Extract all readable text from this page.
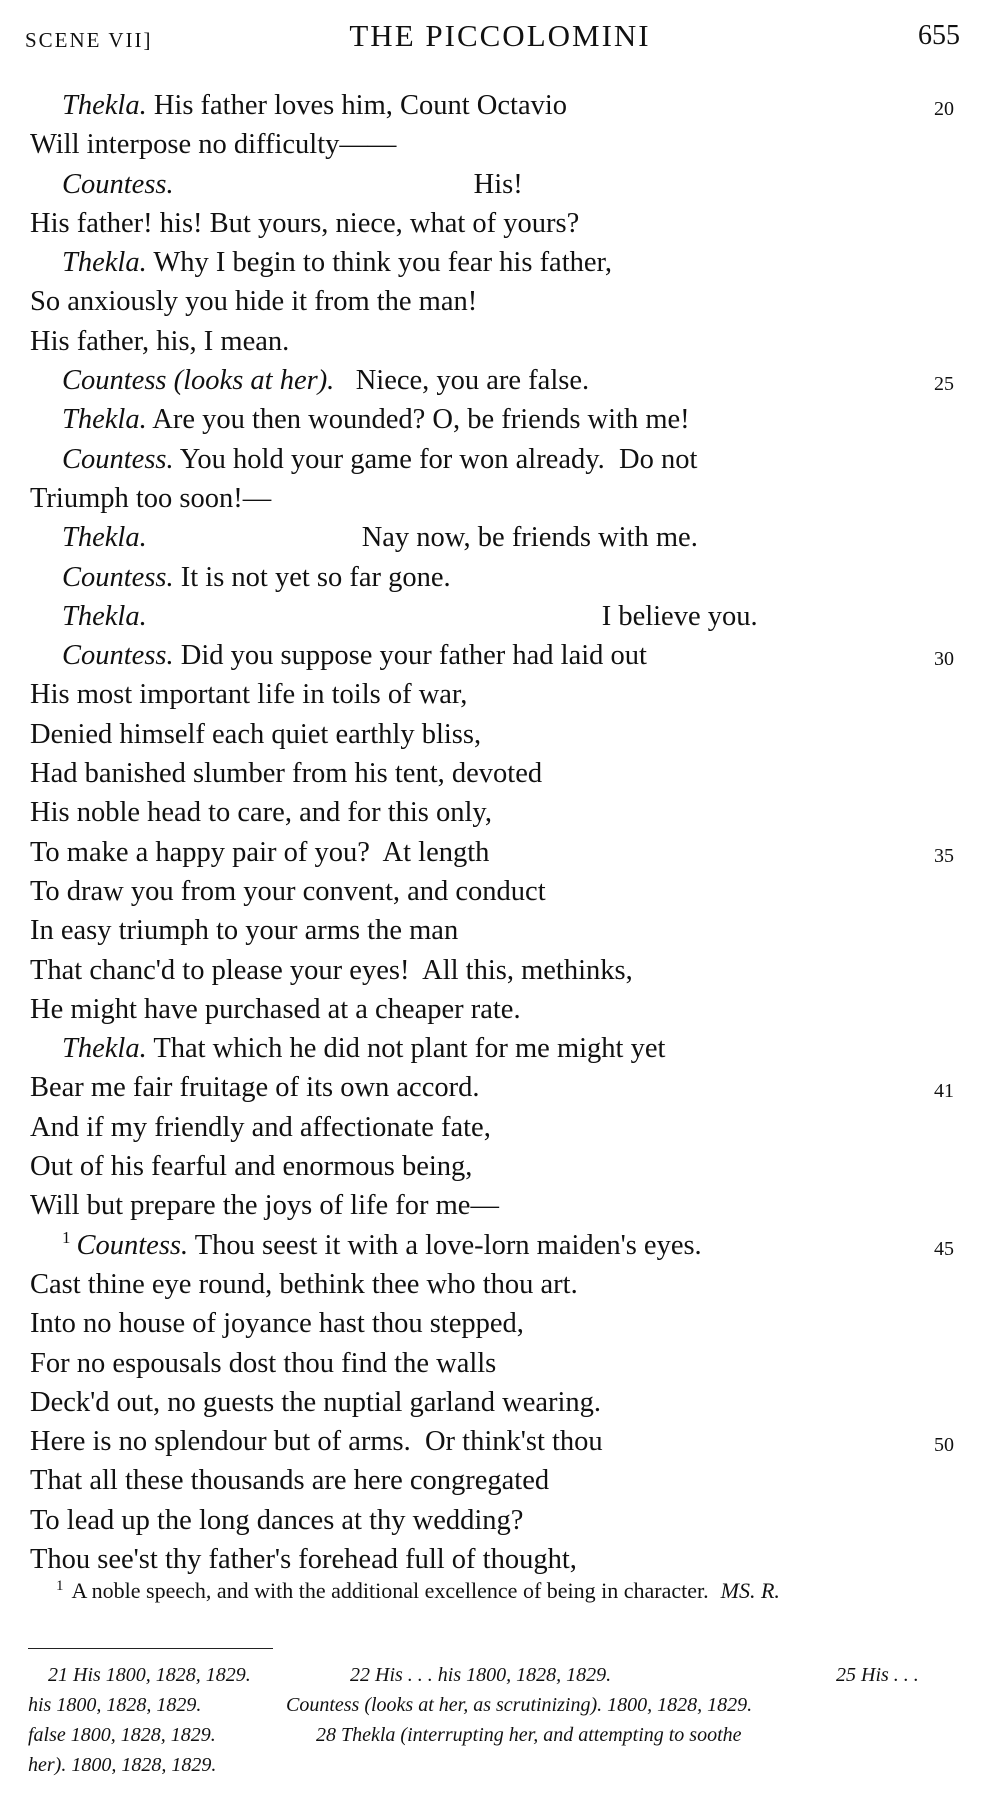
SCENE VII]	THE PICCOLOMINI	655
Thekla. His father loves him, Count Octavio	20
Will interpose no difficulty——
Countess.	His!
His father! his! But yours, niece, what of yours?
Thekla. Why I begin to think you fear his father,
So anxiously you hide it from the man!
His father, his, I mean.
Countess (looks at her).   Niece, you are false.	25
Thekla. Are you then wounded? O, be friends with me!
Countess. You hold your game for won already.  Do not
Triumph too soon!—
Thekla.	Nay now, be friends with me.
Countess. It is not yet so far gone.
Thekla.	I believe you.
Countess. Did you suppose your father had laid out	30
His most important life in toils of war,
Denied himself each quiet earthly bliss,
Had banished slumber from his tent, devoted
His noble head to care, and for this only,
To make a happy pair of you?  At length	35
To draw you from your convent, and conduct
In easy triumph to your arms the man
That chanc'd to please your eyes!  All this, methinks,
He might have purchased at a cheaper rate.
Thekla. That which he did not plant for me might yet
Bear me fair fruitage of its own accord.	41
And if my friendly and affectionate fate,
Out of his fearful and enormous being,
Will but prepare the joys of life for me—
$^1$ Countess. Thou seest it with a love-lorn maiden's eyes.	45
Cast thine eye round, bethink thee who thou art.
Into no house of joyance hast thou stepped,
For no espousals dost thou find the walls
Deck'd out, no guests the nuptial garland wearing.
Here is no splendour but of arms.  Or think'st thou	50
That all these thousands are here congregated
To lead up the long dances at thy wedding?
Thou see'st thy father's forehead full of thought,
$^1$ A noble speech, and with the additional excellence of being in character. MS. R.
21 His 1800, 1828, 1829.	22 His . . . his 1800, 1828, 1829.	25 His . . .
his 1800, 1828, 1829.	Countess (looks at her, as scrutinizing). 1800, 1828, 1829.
false 1800, 1828, 1829.	28 Thekla (interrupting her, and attempting to soothe
her). 1800, 1828, 1829.
